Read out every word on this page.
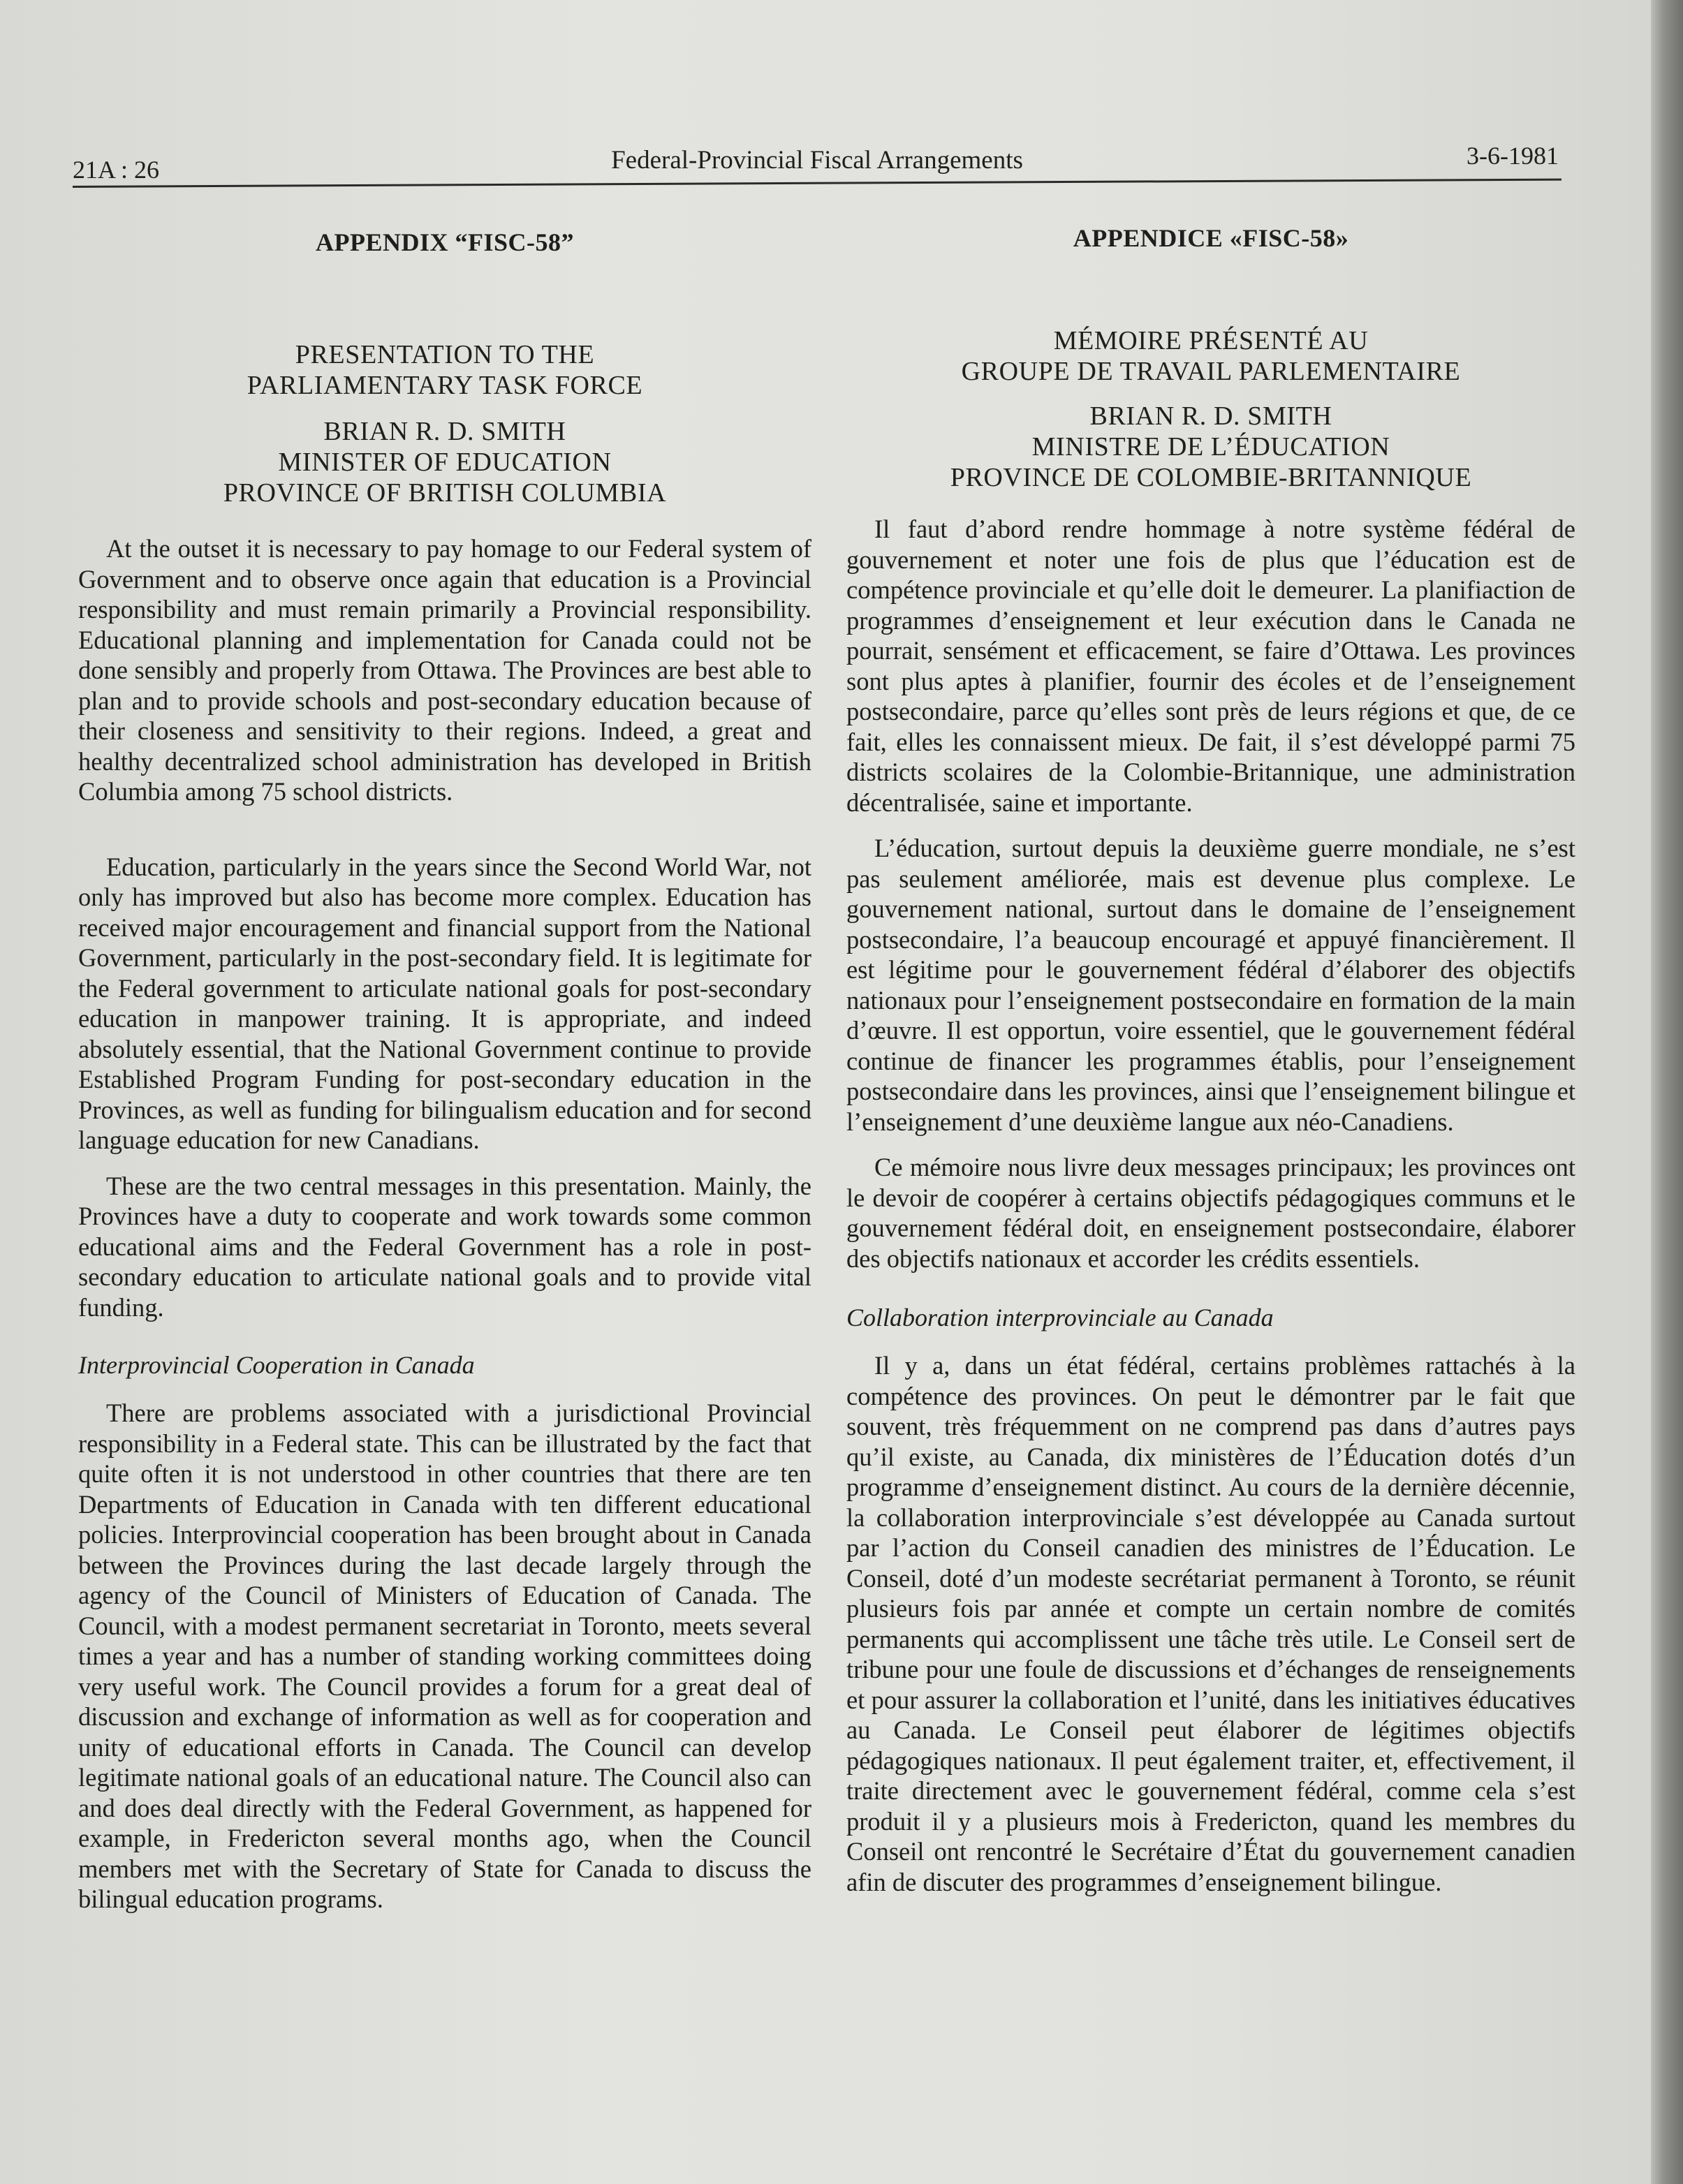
21A : 26	Federal-Provincial Fiscal Arrangements	3-6-1981

APPENDIX “FISC-58”

PRESENTATION TO THE
PARLIAMENTARY TASK FORCE

BRIAN R. D. SMITH
MINISTER OF EDUCATION
PROVINCE OF BRITISH COLUMBIA

At the outset it is necessary to pay homage to our Federal system of Government and to observe once again that education is a Provincial responsibility and must remain primarily a Provincial responsibility. Educational planning and implementation for Canada could not be done sensibly and properly from Ottawa. The Provinces are best able to plan and to provide schools and post-secondary education because of their closeness and sensitivity to their regions. Indeed, a great and healthy decentralized school administration has developed in British Columbia among 75 school districts.

Education, particularly in the years since the Second World War, not only has improved but also has become more complex. Education has received major encouragement and financial support from the National Government, particularly in the post-secondary field. It is legitimate for the Federal government to articulate national goals for post-secondary education in manpower training. It is appropriate, and indeed absolutely essential, that the National Government continue to provide Established Program Funding for post-secondary education in the Provinces, as well as funding for bilingualism education and for second language education for new Canadians.

These are the two central messages in this presentation. Mainly, the Provinces have a duty to cooperate and work towards some common educational aims and the Federal Government has a role in post-secondary education to articulate national goals and to provide vital funding.

Interprovincial Cooperation in Canada

There are problems associated with a jurisdictional Provincial responsibility in a Federal state. This can be illustrated by the fact that quite often it is not understood in other countries that there are ten Departments of Education in Canada with ten different educational policies. Interprovincial cooperation has been brought about in Canada between the Provinces during the last decade largely through the agency of the Council of Ministers of Education of Canada. The Council, with a modest permanent secretariat in Toronto, meets several times a year and has a number of standing working committees doing very useful work. The Council provides a forum for a great deal of discussion and exchange of information as well as for cooperation and unity of educational efforts in Canada. The Council can develop legitimate national goals of an educational nature. The Council also can and does deal directly with the Federal Government, as happened for example, in Fredericton several months ago, when the Council members met with the Secretary of State for Canada to discuss the bilingual education programs.

APPENDICE «FISC-58»

MÉMOIRE PRÉSENTÉ AU
GROUPE DE TRAVAIL PARLEMENTAIRE

BRIAN R. D. SMITH
MINISTRE DE L’ÉDUCATION
PROVINCE DE COLOMBIE-BRITANNIQUE

Il faut d’abord rendre hommage à notre système fédéral de gouvernement et noter une fois de plus que l’éducation est de compétence provinciale et qu’elle doit le demeurer. La planifiaction de programmes d’enseignement et leur exécution dans le Canada ne pourrait, sensément et efficacement, se faire d’Ottawa. Les provinces sont plus aptes à planifier, fournir des écoles et de l’enseignement postsecondaire, parce qu’elles sont près de leurs régions et que, de ce fait, elles les connaissent mieux. De fait, il s’est développé parmi 75 districts scolaires de la Colombie-Britannique, une administration décentralisée, saine et importante.

L’éducation, surtout depuis la deuxième guerre mondiale, ne s’est pas seulement améliorée, mais est devenue plus complexe. Le gouvernement national, surtout dans le domaine de l’enseignement postsecondaire, l’a beaucoup encouragé et appuyé financièrement. Il est légitime pour le gouvernement fédéral d’élaborer des objectifs nationaux pour l’enseignement postsecondaire en formation de la main d’œuvre. Il est opportun, voire essentiel, que le gouvernement fédéral continue de financer les programmes établis, pour l’enseignement postsecondaire dans les provinces, ainsi que l’enseignement bilingue et l’enseignement d’une deuxième langue aux néo-Canadiens.

Ce mémoire nous livre deux messages principaux; les provinces ont le devoir de coopérer à certains objectifs pédagogiques communs et le gouvernement fédéral doit, en enseignement postsecondaire, élaborer des objectifs nationaux et accorder les crédits essentiels.

Collaboration interprovinciale au Canada

Il y a, dans un état fédéral, certains problèmes rattachés à la compétence des provinces. On peut le démontrer par le fait que souvent, très fréquemment on ne comprend pas dans d’autres pays qu’il existe, au Canada, dix ministères de l’Éducation dotés d’un programme d’enseignement distinct. Au cours de la dernière décennie, la collaboration interprovinciale s’est développée au Canada surtout par l’action du Conseil canadien des ministres de l’Éducation. Le Conseil, doté d’un modeste secrétariat permanent à Toronto, se réunit plusieurs fois par année et compte un certain nombre de comités permanents qui accomplissent une tâche très utile. Le Conseil sert de tribune pour une foule de discussions et d’échanges de renseignements et pour assurer la collaboration et l’unité, dans les initiatives éducatives au Canada. Le Conseil peut élaborer de légitimes objectifs pédagogiques nationaux. Il peut également traiter, et, effectivement, il traite directement avec le gouvernement fédéral, comme cela s’est produit il y a plusieurs mois à Fredericton, quand les membres du Conseil ont rencontré le Secrétaire d’État du gouvernement canadien afin de discuter des programmes d’enseignement bilingue.
